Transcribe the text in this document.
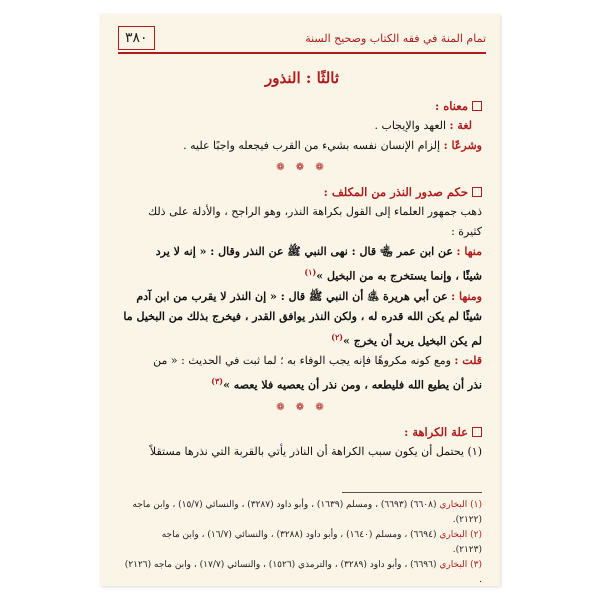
٣٨٠	تمام المنة في فقه الكتاب وصحيح السنة
ثالثًا : النذور
معناه :

لغة : العهد والإيجاب .

وشرعًا : إلزام الإنسان نفسه بشيء من القرب فيجعله واجبًا عليه .

❁ ❁ ❁
حكم صدور النذر من المكلف :

ذهب جمهور العلماء إلى القول بكراهة النذر، وهو الراجح ، والأدلة على ذلك

كثيرة :

منها : عن ابن عمر ﵄ قال : نهى النبي ﷺ عن النذر وقال : « إنه لا يرد

شيئًا ، وإنما يستخرج به من البخيل »$^{(١)}$

ومنها : عن أبي هريرة ﵁ أن النبي ﷺ قال : « إن النذر لا يقرب من ابن آدم

شيئًا لم يكن الله قدره له ، ولكن النذر يوافق القدر ، فيخرج بذلك من البخيل ما

لم يكن البخيل يريد أن يخرج »$^{(٢)}$

قلت : ومع كونه مكروهًا فإنه يجب الوفاء به ؛ لما ثبت في الحديث : « من

نذر أن يطيع الله فليطعه ، ومن نذر أن يعصيه فلا يعصه »$^{(٣)}$

❁ ❁ ❁
علة الكراهة :

(١) يحتمل أن يكون سبب الكراهة أن الناذر يأتي بالقربة التي نذرها مستقلاً

(١) البخاري (٦٦٠٨) (٦٦٩٣) ، ومسلم (١٦٣٩) ، وأبو داود (٣٢٨٧) ، والنسائي (١٥/٧) ، وابن ماجه
(٢١٢٢).
(٢) البخاري (٦٦٩٤) ، ومسلم (١٦٤٠) ، وأبو داود (٣٢٨٨) ، والنسائي (١٦/٧) ، وابن ماجه
(٢١٢٣).
(٣) البخاري (٦٦٩٦) ، وأبو داود (٣٢٨٩) ، والترمذي (١٥٢٦) ، والنسائي (١٧/٧) ، وابن ماجه (٢١٢٦) .
